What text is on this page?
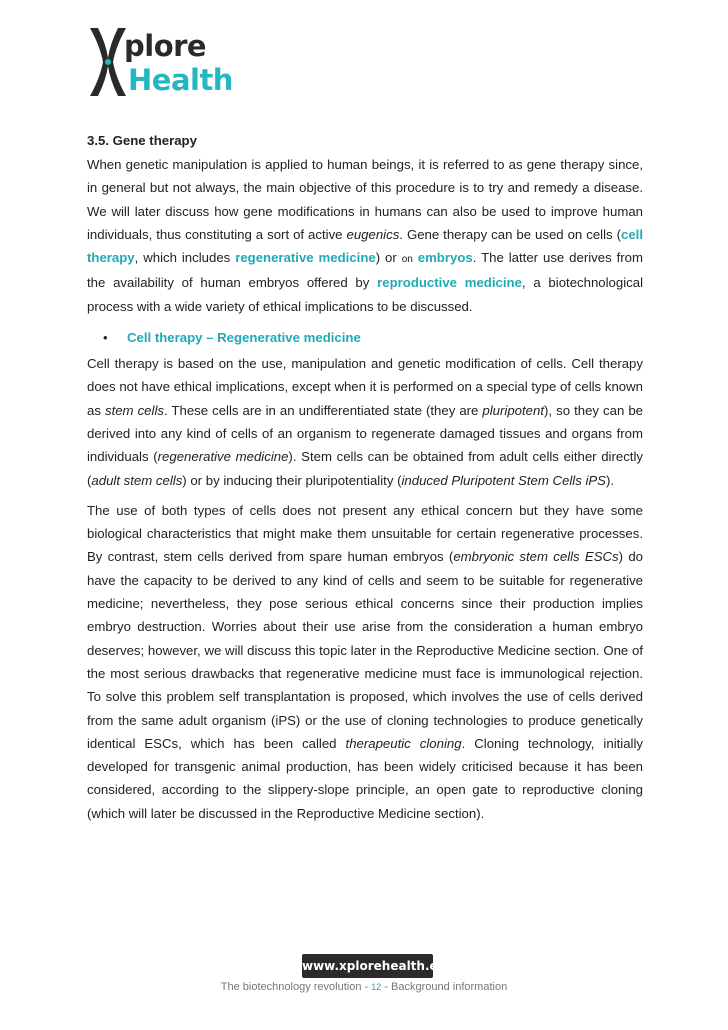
plore
Health
3.5. Gene therapy

When genetic manipulation is applied to human beings, it is referred to as gene therapy since, in general but not always, the main objective of this procedure is to try and remedy a disease. We will later discuss how gene modifications in humans can also be used to improve human individuals, thus constituting a sort of active eugenics. Gene therapy can be used on cells (cell therapy, which includes regenerative medicine) or on embryos. The latter use derives from the availability of human embryos offered by reproductive medicine, a biotechnological process with a wide variety of ethical implications to be discussed.

• Cell therapy – Regenerative medicine

Cell therapy is based on the use, manipulation and genetic modification of cells. Cell therapy does not have ethical implications, except when it is performed on a special type of cells known as stem cells. These cells are in an undifferentiated state (they are pluripotent), so they can be derived into any kind of cells of an organism to regenerate damaged tissues and organs from individuals (regenerative medicine). Stem cells can be obtained from adult cells either directly (adult stem cells) or by inducing their pluripotentiality (induced Pluripotent Stem Cells iPS).

The use of both types of cells does not present any ethical concern but they have some biological characteristics that might make them unsuitable for certain regenerative processes. By contrast, stem cells derived from spare human embryos (embryonic stem cells ESCs) do have the capacity to be derived to any kind of cells and seem to be suitable for regenerative medicine; nevertheless, they pose serious ethical concerns since their production implies embryo destruction. Worries about their use arise from the consideration a human embryo deserves; however, we will discuss this topic later in the Reproductive Medicine section. One of the most serious drawbacks that regenerative medicine must face is immunological rejection. To solve this problem self transplantation is proposed, which involves the use of cells derived from the same adult organism (iPS) or the use of cloning technologies to produce genetically identical ESCs, which has been called therapeutic cloning. Cloning technology, initially developed for transgenic animal production, has been widely criticised because it has been considered, according to the slippery-slope principle, an open gate to reproductive cloning (which will later be discussed in the Reproductive Medicine section).

www.xplorehealth.eu
The biotechnology revolution - 12 - Background information
